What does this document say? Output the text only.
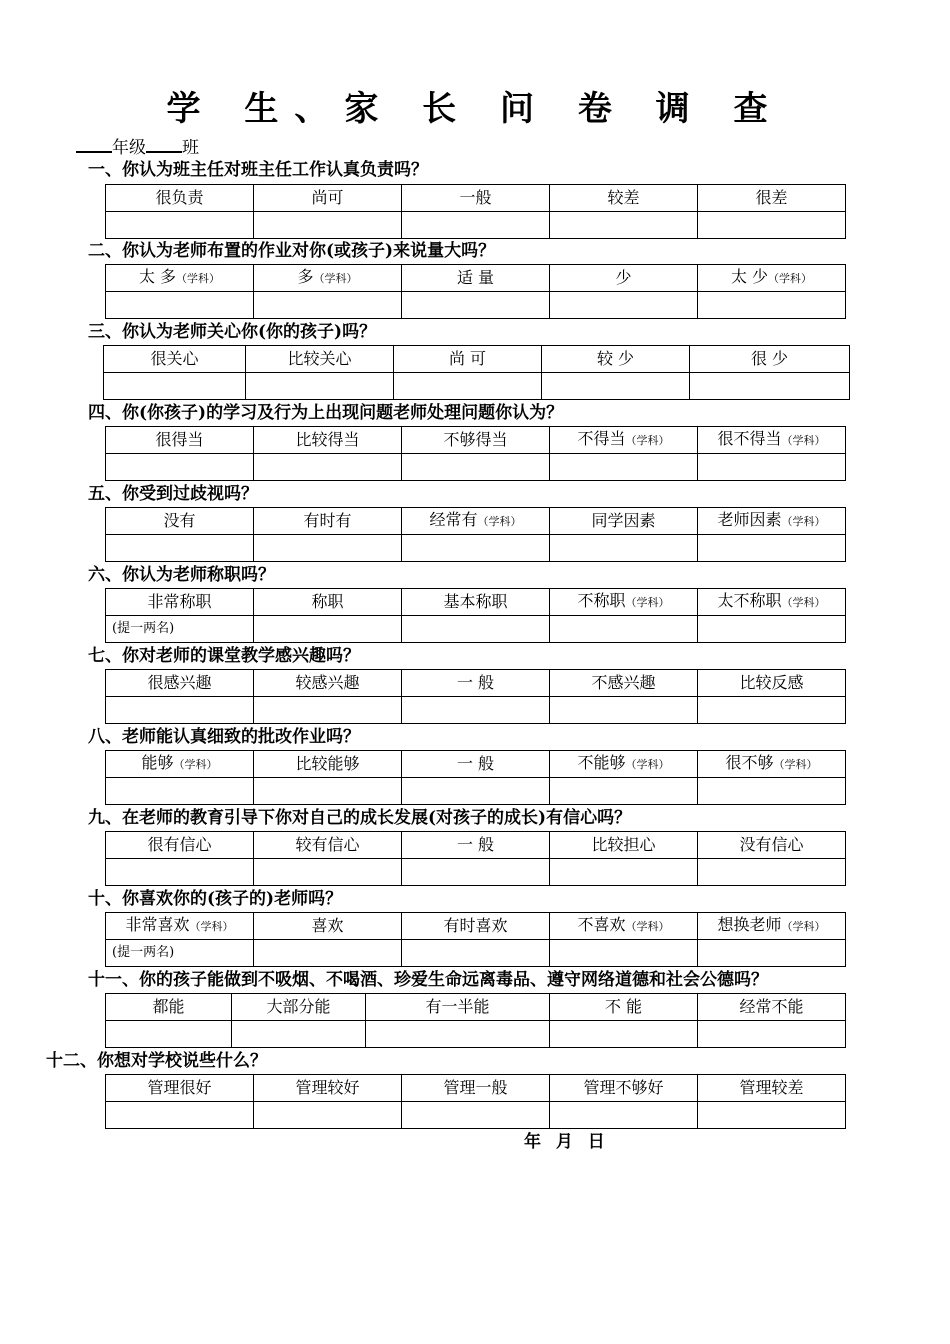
学 生、家 长 问 卷 调 查
年级 班
一、你认为班主任对班主任工作认真负责吗？
很负责	尚可	一般	较差	很差

二、你认为老师布置的作业对你(或孩子)来说量大吗？
太 多（学科）	多（学科）	适 量	少	太 少（学科）

三、你认为老师关心你(你的孩子)吗？
很关心	比较关心	尚 可	较 少	很 少

四、你(你孩子)的学习及行为上出现问题老师处理问题你认为？
很得当	比较得当	不够得当	不得当（学科）	很不得当（学科）

五、你受到过歧视吗？
没有	有时有	经常有（学科）	同学因素	老师因素（学科）

六、你认为老师称职吗？
非常称职	称职	基本称职	不称职（学科）	太不称职（学科）
(提一两名)				
七、你对老师的课堂教学感兴趣吗？
很感兴趣	较感兴趣	一 般	不感兴趣	比较反感

八、老师能认真细致的批改作业吗？
能够（学科）	比较能够	一 般	不能够（学科）	很不够（学科）

九、在老师的教育引导下你对自己的成长发展(对孩子的成长)有信心吗？
很有信心	较有信心	一 般	比较担心	没有信心

十、你喜欢你的(孩子的)老师吗？
非常喜欢（学科）	喜欢	有时喜欢	不喜欢（学科）	想换老师（学科）
(提一两名)				
十一、你的孩子能做到不吸烟、不喝酒、珍爱生命远离毒品、遵守网络道德和社会公德吗？
都能	大部分能	有一半能	不 能	经常不能

十二、你想对学校说些什么？
管理很好	管理较好	管理一般	管理不够好	管理较差

年 月 日
